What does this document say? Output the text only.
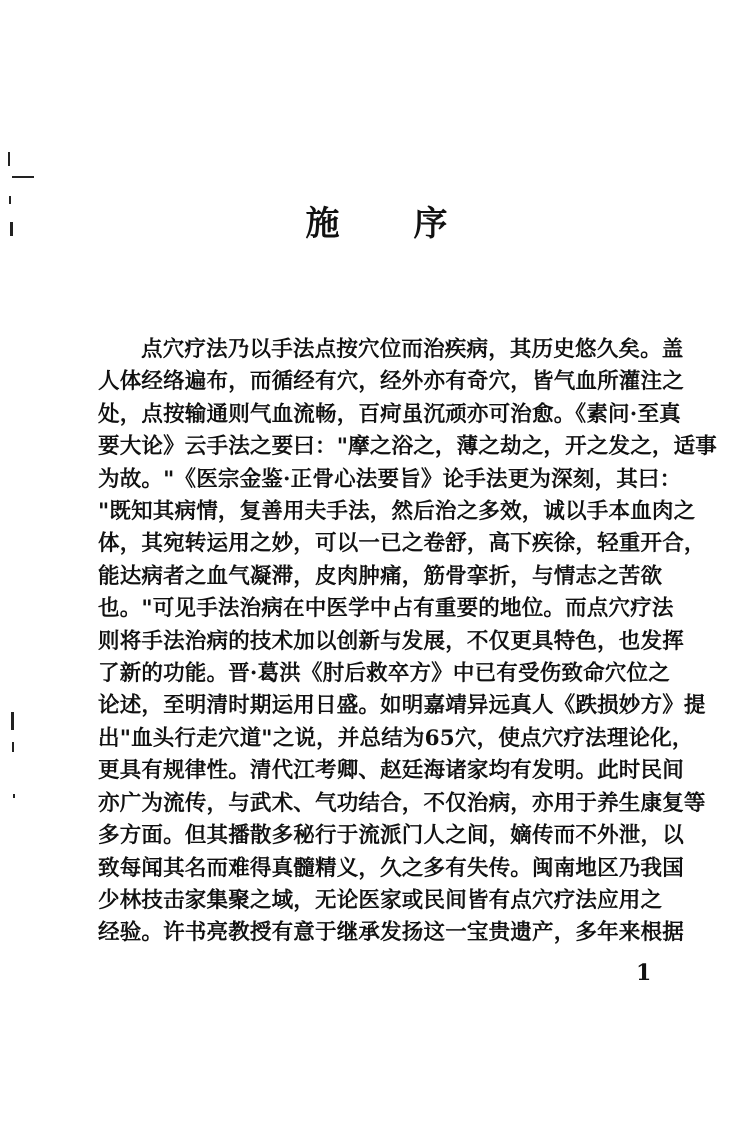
施　　序
点穴疗法乃以手法点按穴位而治疾病，其历史悠久矣。盖
人体经络遍布，而循经有穴，经外亦有奇穴，皆气血所灌注之
处，点按输通则气血流畅，百疴虽沉顽亦可治愈。《素问·至真
要大论》云手法之要曰："摩之浴之，薄之劫之，开之发之，适事
为故。"《医宗金鉴·正骨心法要旨》论手法更为深刻，其曰：
"既知其病情，复善用夫手法，然后治之多效，诚以手本血肉之
体，其宛转运用之妙，可以一已之卷舒，高下疾徐，轻重开合，
能达病者之血气凝滞，皮肉肿痛，筋骨挛折，与情志之苦欲
也。"可见手法治病在中医学中占有重要的地位。而点穴疗法
则将手法治病的技术加以创新与发展，不仅更具特色，也发挥
了新的功能。晋·葛洪《肘后救卒方》中已有受伤致命穴位之
论述，至明清时期运用日盛。如明嘉靖异远真人《跌损妙方》提
出"血头行走穴道"之说，并总结为65穴，使点穴疗法理论化，
更具有规律性。清代江考卿、赵廷海诸家均有发明。此时民间
亦广为流传，与武术、气功结合，不仅治病，亦用于养生康复等
多方面。但其播散多秘行于流派门人之间，嫡传而不外泄，以
致每闻其名而难得真髓精义，久之多有失传。闽南地区乃我国
少林技击家集聚之域，无论医家或民间皆有点穴疗法应用之
经验。许书亮教授有意于继承发扬这一宝贵遗产，多年来根据
1
